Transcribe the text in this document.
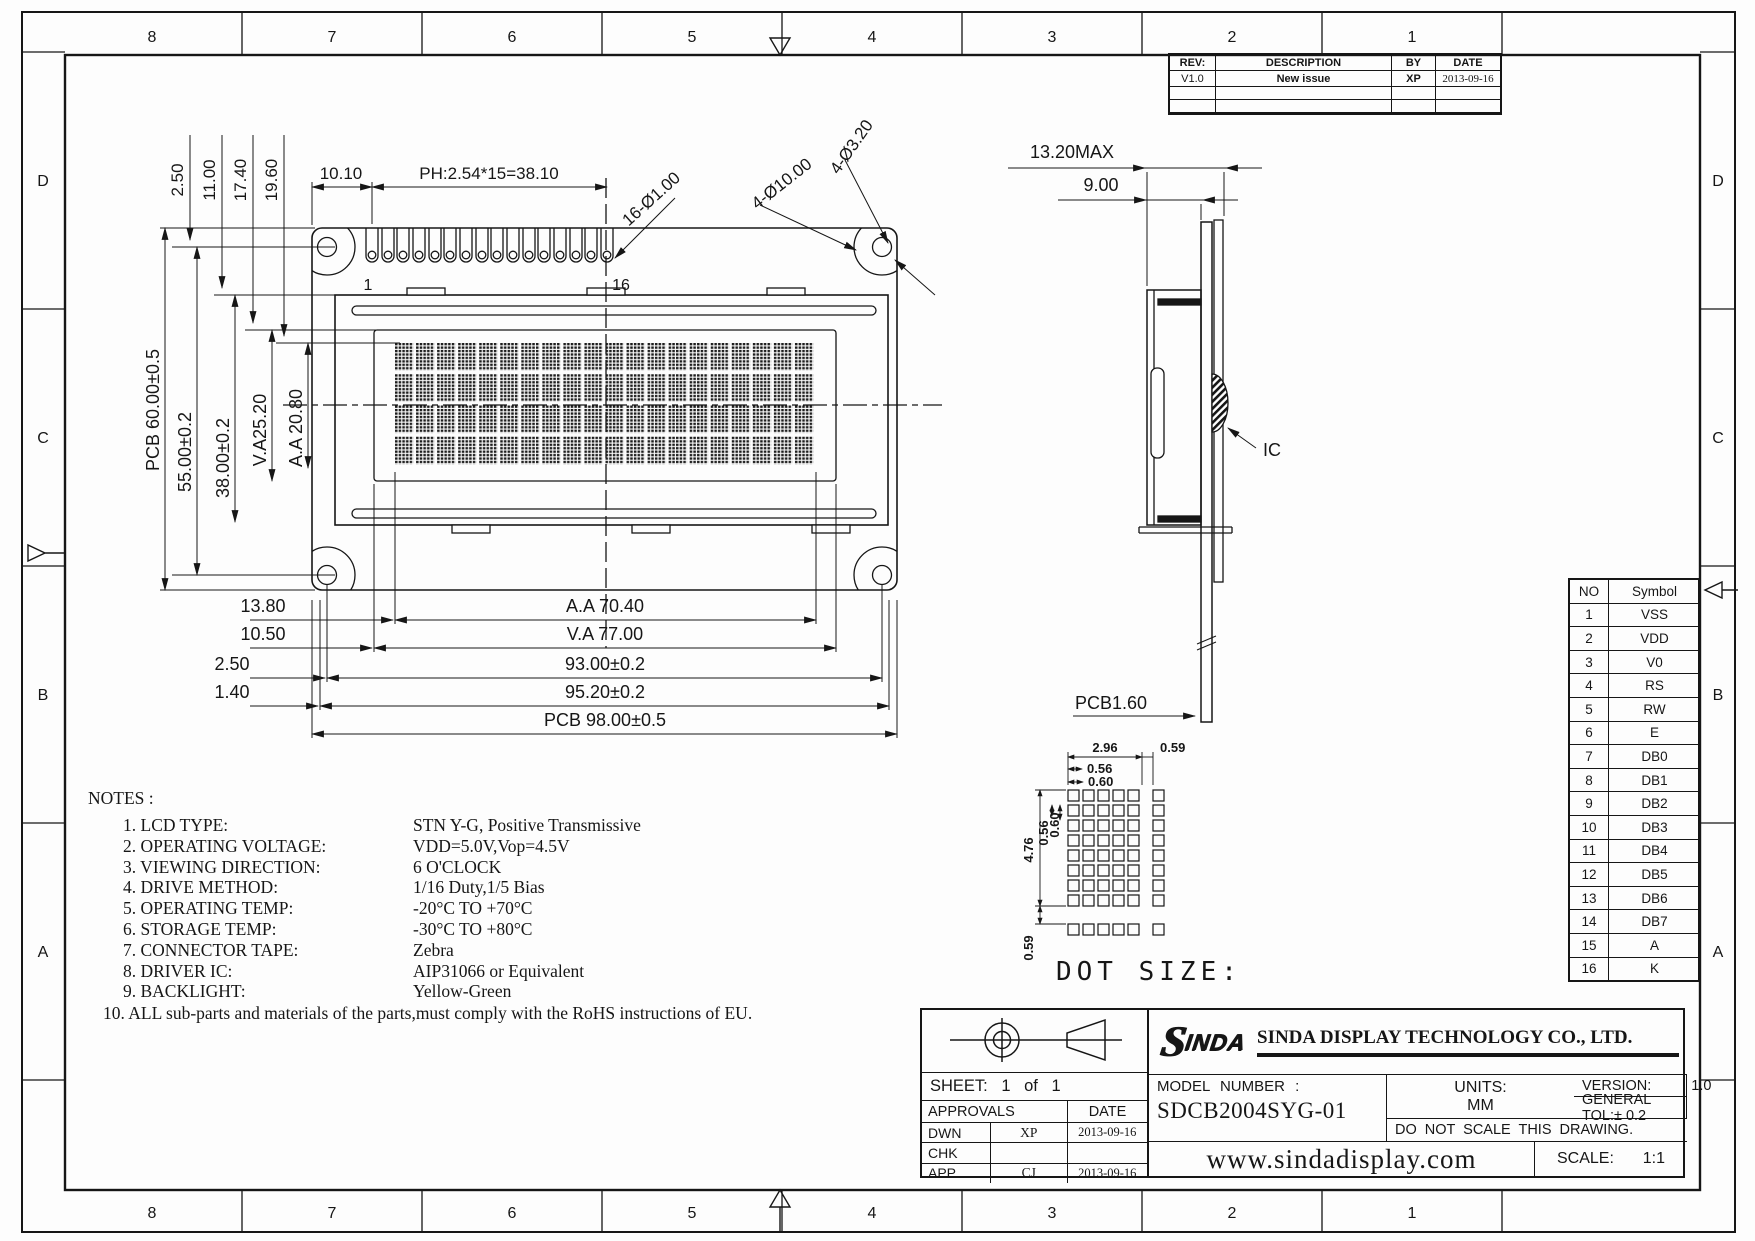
8	7	6	5	4	3	2	1
8	7	6	5	4	3	2	1
D
C
B
A
D
C
B
A
2.50 11.00 17.40 19.60 10.10	PH:2.54*15=38.10	16-Ø1.00	4-Ø10.00
4-Ø3.20
PCB 60.00±0.5 55.00±0.2 38.00±0.2 V.A25.20 A.A 20.80
13.80
10.50
2.50
1.40
A.A 70.40
V.A 77.00
93.00±0.2
95.20±0.2
PCB 98.00±0.5
1	16
13.20MAX
9.00
IC
PCB1.60
2.96	0.59
0.56
0.60
4.76
0.56
0.60
0.59
DOT SIZE:
REV:	DESCRIPTION	BY	DATE
V1.0	New issue	XP	2013-09-16
NO	Symbol
1	VSS
2	VDD
3	V0
4	RS
5	RW
6	E
7	DB0
8	DB1
9	DB2
10	DB3
11	DB4
12	DB5
13	DB6
14	DB7
15	A
16	K
NOTES :
1. LCD TYPE:	STN Y-G, Positive Transmissive
2. OPERATING VOLTAGE:	VDD=5.0V,Vop=4.5V
3. VIEWING DIRECTION:	6 O'CLOCK
4. DRIVE METHOD:	1/16 Duty,1/5 Bias
5. OPERATING TEMP:	-20°C TO +70°C
6. STORAGE TEMP:	-30°C TO +80°C
7. CONNECTOR TAPE:	Zebra
8. DRIVER IC:	AIP31066 or Equivalent
9. BACKLIGHT:	Yellow-Green
10. ALL sub-parts and materials of the parts,must comply with the RoHS instructions of EU.
SHEET: 1 of 1
APPROVALS	DATE
DWN	XP	2013-09-16
CHK
APP	CJ	2013-09-16
S
INDA SINDA DISPLAY TECHNOLOGY CO., LTD.
MODEL NUMBER :
SDCB2004SYG-01
VERSION:	1.0
UNITS:
MM	GENERAL TOL:± 0.2
DO NOT SCALE THIS DRAWING.
www.sindadisplay.com	SCALE:
1:1
